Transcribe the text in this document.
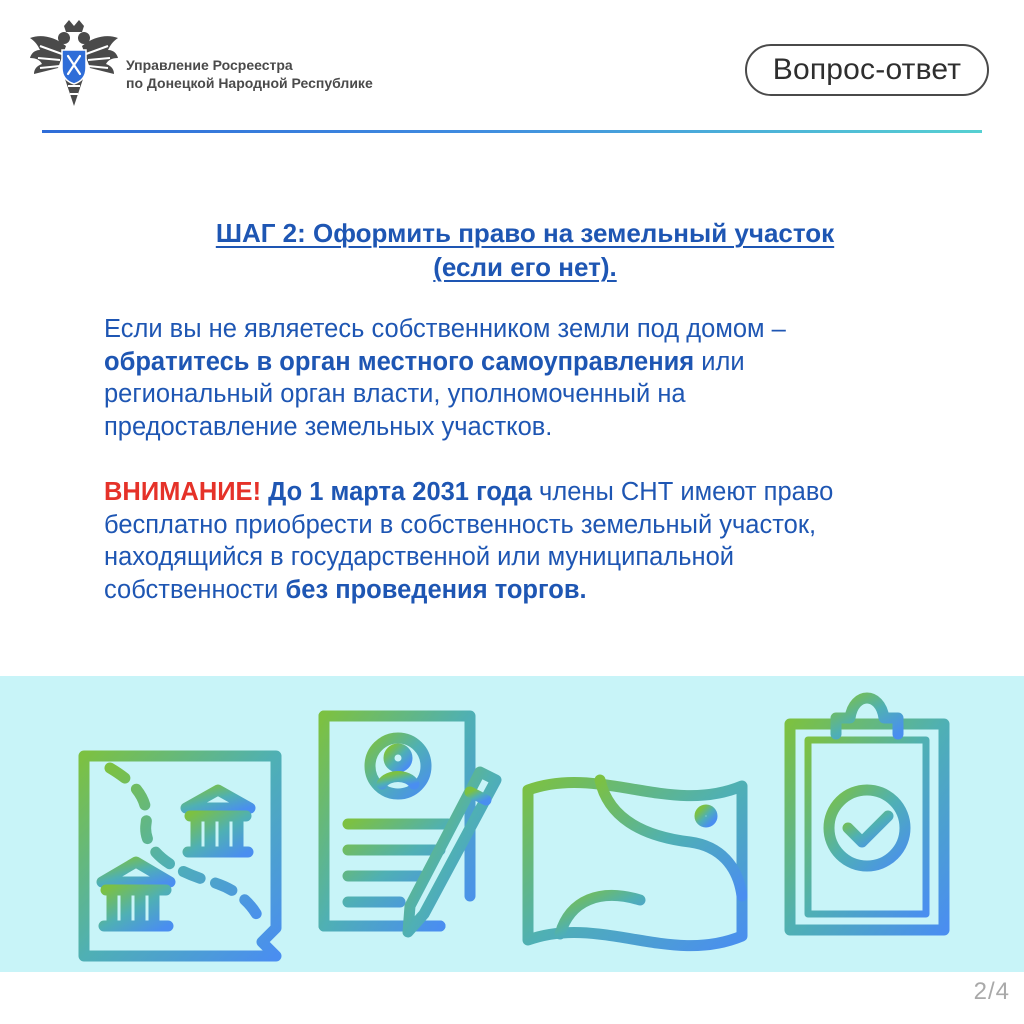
Управление Росреестра
по Донецкой Народной Республике	Вопрос-ответ
ШАГ 2: Оформить право на земельный участок
(если его нет).
Если вы не являетесь собственником земли под домом –
обратитесь в орган местного самоуправления или
региональный орган власти, уполномоченный на
предоставление земельных участков.
ВНИМАНИЕ! До 1 марта 2031 года члены СНТ имеют право
бесплатно приобрести в собственность земельный участок,
находящийся в государственной или муниципальной
собственности без проведения торгов.
2/4
